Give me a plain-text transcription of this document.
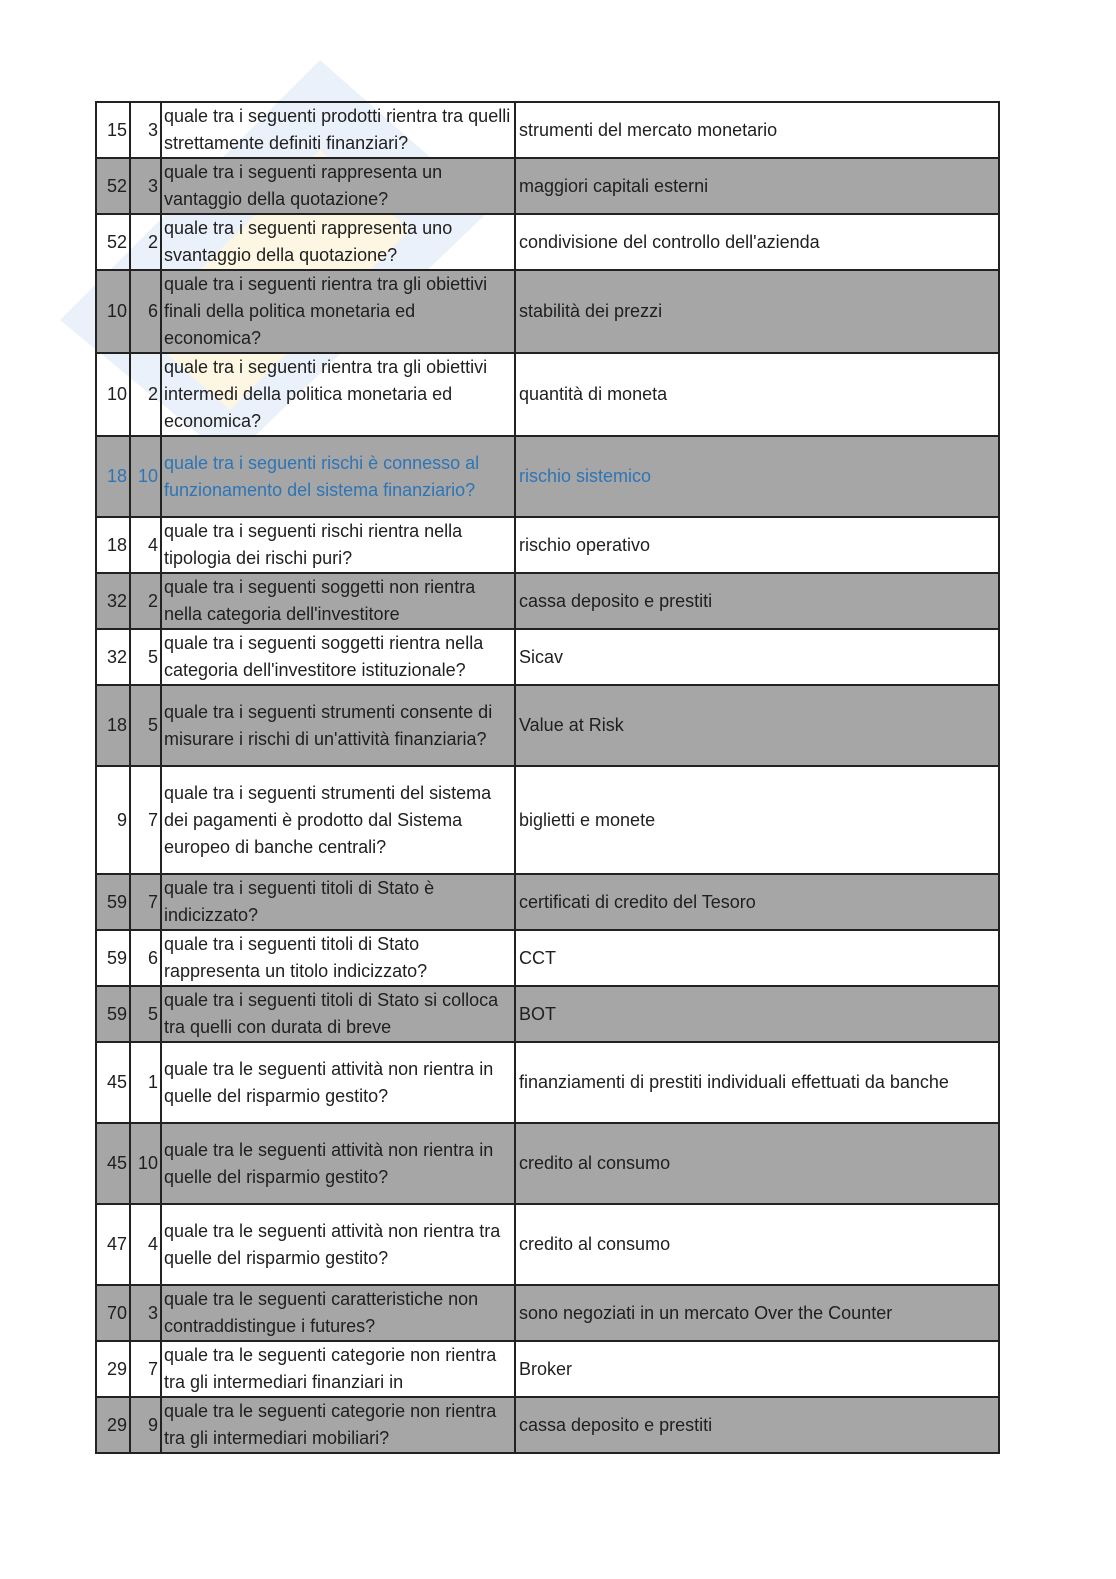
15	3	quale tra i seguenti prodotti rientra tra quelli strettamente definiti finanziari?	strumenti del mercato monetario
52	3	quale tra i seguenti rappresenta un vantaggio della quotazione?	maggiori capitali esterni
52	2	quale tra i seguenti rappresenta uno svantaggio della quotazione?	condivisione del controllo dell'azienda
10	6	quale tra i seguenti rientra tra gli obiettivi finali della politica monetaria ed economica?	stabilità dei prezzi
10	2	quale tra i seguenti rientra tra gli obiettivi intermedi della politica monetaria ed economica?	quantità di moneta
18	10	quale tra i seguenti rischi è connesso al funzionamento del sistema finanziario?	rischio sistemico
18	4	quale tra i seguenti rischi rientra nella tipologia dei rischi puri?	rischio operativo
32	2	quale tra i seguenti soggetti non rientra nella categoria dell'investitore	cassa deposito e prestiti
32	5	quale tra i seguenti soggetti rientra nella categoria dell'investitore istituzionale?	Sicav
18	5	quale tra i seguenti strumenti consente di misurare i rischi di un'attività finanziaria?	Value at Risk
9	7	quale tra i seguenti strumenti del sistema dei pagamenti è prodotto dal Sistema europeo di banche centrali?	biglietti e monete
59	7	quale tra i seguenti titoli di Stato è indicizzato?	certificati di credito del Tesoro
59	6	quale tra i seguenti titoli di Stato rappresenta un titolo indicizzato?	CCT
59	5	quale tra i seguenti titoli di Stato si colloca tra quelli con durata di breve	BOT
45	1	quale tra le seguenti attività non rientra in quelle del risparmio gestito?	finanziamenti di prestiti individuali effettuati da banche
45	10	quale tra le seguenti attività non rientra in quelle del risparmio gestito?	credito al consumo
47	4	quale tra le seguenti attività non rientra tra quelle del risparmio gestito?	credito al consumo
70	3	quale tra le seguenti caratteristiche non contraddistingue i futures?	sono negoziati in un mercato Over the Counter
29	7	quale tra le seguenti categorie non rientra tra gli intermediari finanziari in	Broker
29	9	quale tra le seguenti categorie non rientra tra gli intermediari mobiliari?	cassa deposito e prestiti
